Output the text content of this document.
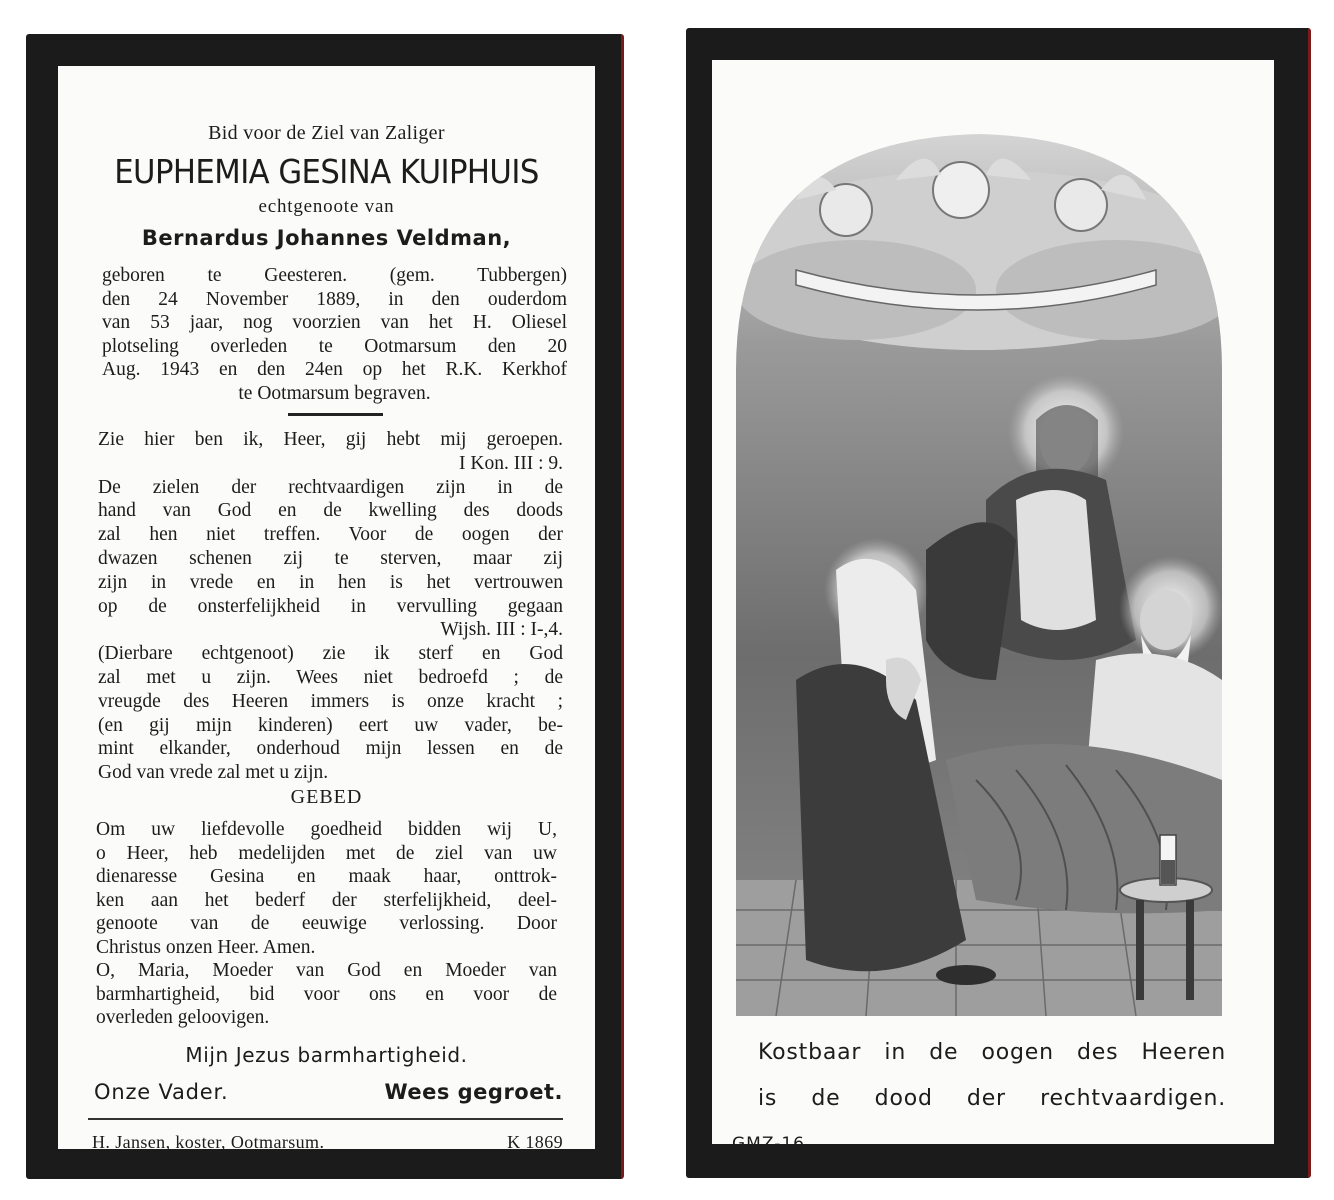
Bid voor de Ziel van Zaliger
EUPHEMIA GESINA KUIPHUIS
echtgenoote van
Bernardus Johannes Veldman,
geboren te Geesteren. (gem. Tubbergen)
den 24 November 1889, in den ouderdom
van 53 jaar, nog voorzien van het H. Oliesel
plotseling overleden te Ootmarsum den 20
Aug. 1943 en den 24en op het R.K. Kerkhof
te Ootmarsum begraven.
Zie hier ben ik, Heer, gij hebt mij geroepen.
I Kon. III : 9.
De zielen der rechtvaardigen zijn in de
hand van God en de kwelling des doods
zal hen niet treffen. Voor de oogen der
dwazen schenen zij te sterven, maar zij
zijn in vrede en in hen is het vertrouwen
op de onsterfelijkheid in vervulling gegaan
Wijsh. III : I-,4.
(Dierbare echtgenoot) zie ik sterf en God
zal met u zijn. Wees niet bedroefd ; de
vreugde des Heeren immers is onze kracht ;
(en gij mijn kinderen) eert uw vader, be-
mint elkander, onderhoud mijn lessen en de
God van vrede zal met u zijn.
GEBED
Om uw liefdevolle goedheid bidden wij U,
o Heer, heb medelijden met de ziel van uw
dienaresse Gesina en maak haar, onttrok-
ken aan het bederf der sterfelijkheid, deel-
genoote van de eeuwige verlossing. Door
Christus onzen Heer. Amen.
O, Maria, Moeder van God en Moeder van
barmhartigheid, bid voor ons en voor de
overleden geloovigen.
Mijn Jezus barmhartigheid.
Onze Vader.	Wees gegroet.
H. Jansen, koster, Ootmarsum.	K 1869
K 1676
Kostbaar in de oogen des Heeren
is de dood der rechtvaardigen.
GMZ-16
